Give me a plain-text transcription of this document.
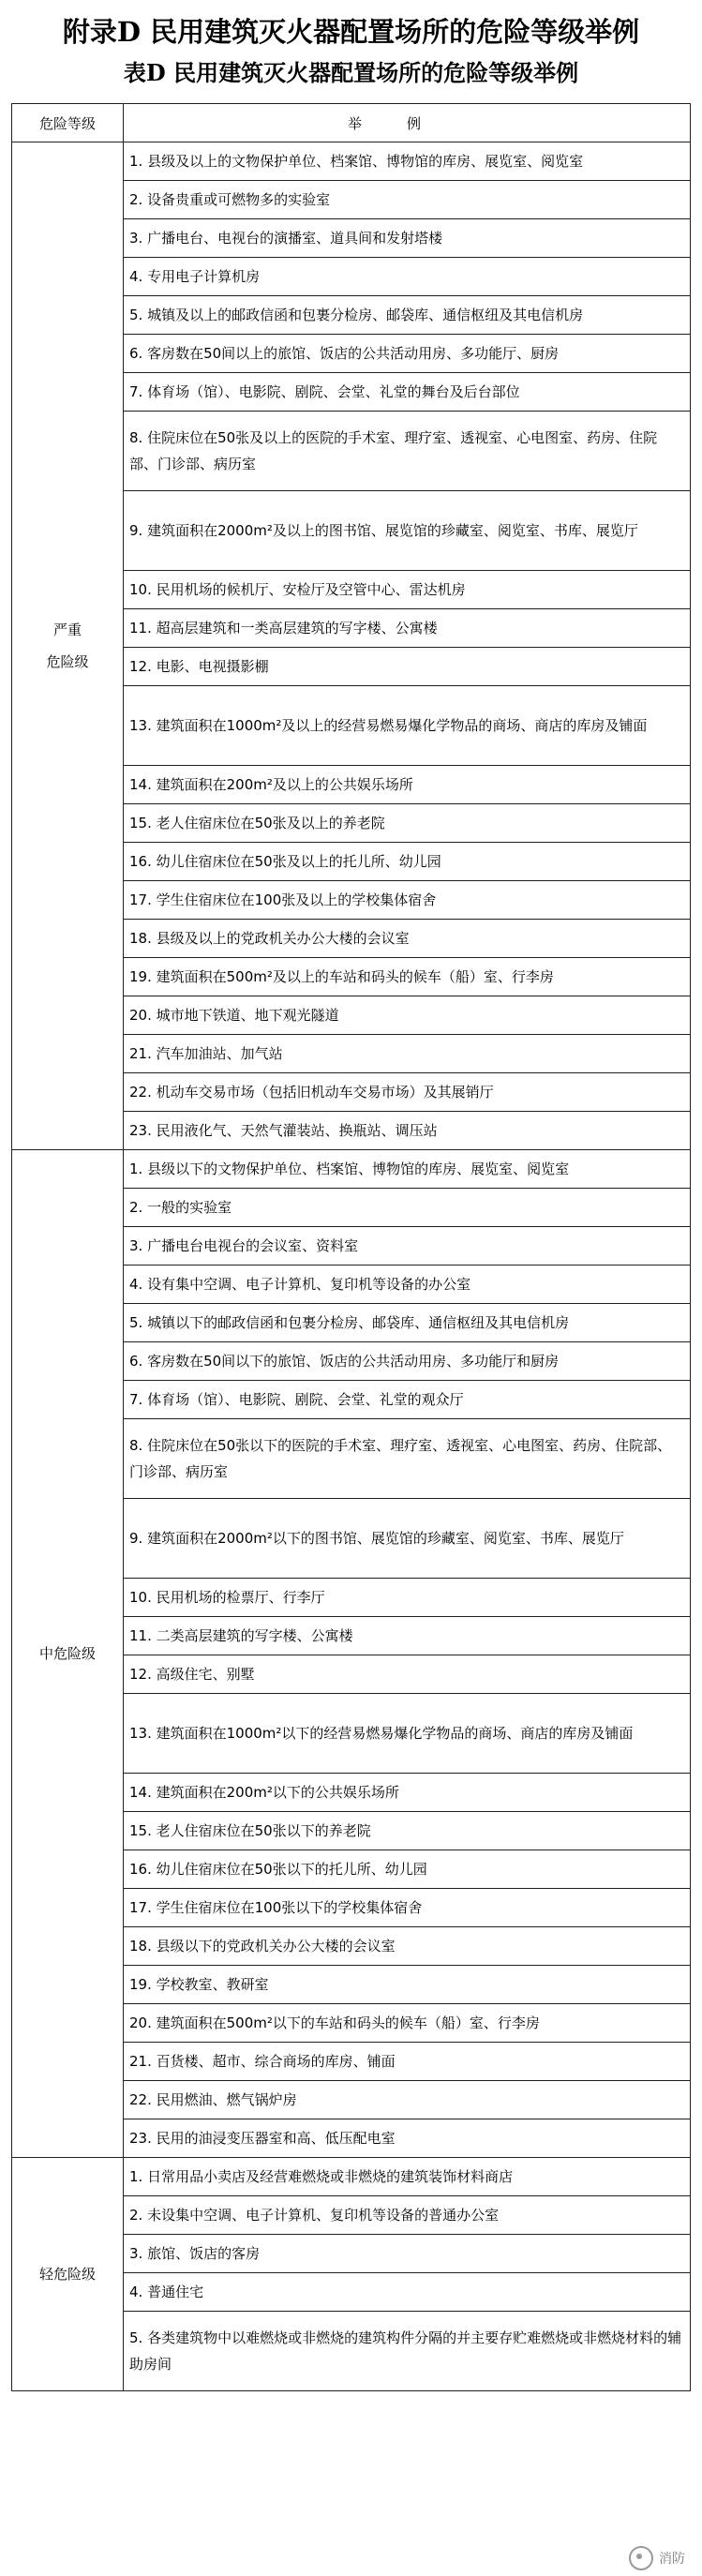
附录D 民用建筑灭火器配置场所的危险等级举例
表D 民用建筑灭火器配置场所的危险等级举例
危险等级	举例

严重
危险级	1. 县级及以上的文物保护单位、档案馆、博物馆的库房、展览室、阅览室
	2. 设备贵重或可燃物多的实验室
	3. 广播电台、电视台的演播室、道具间和发射塔楼
	4. 专用电子计算机房
	5. 城镇及以上的邮政信函和包裹分检房、邮袋库、通信枢纽及其电信机房
	6. 客房数在50间以上的旅馆、饭店的公共活动用房、多功能厅、厨房
	7. 体育场（馆）、电影院、剧院、会堂、礼堂的舞台及后台部位
	8. 住院床位在50张及以上的医院的手术室、理疗室、透视室、心电图室、药房、住院部、门诊部、病历室
	9. 建筑面积在2000m²及以上的图书馆、展览馆的珍藏室、阅览室、书库、展览厅
	10. 民用机场的候机厅、安检厅及空管中心、雷达机房
	11. 超高层建筑和一类高层建筑的写字楼、公寓楼
	12. 电影、电视摄影棚
	13. 建筑面积在1000m²及以上的经营易燃易爆化学物品的商场、商店的库房及铺面
	14. 建筑面积在200m²及以上的公共娱乐场所
	15. 老人住宿床位在50张及以上的养老院
	16. 幼儿住宿床位在50张及以上的托儿所、幼儿园
	17. 学生住宿床位在100张及以上的学校集体宿舍
	18. 县级及以上的党政机关办公大楼的会议室
	19. 建筑面积在500m²及以上的车站和码头的候车（船）室、行李房
	20. 城市地下铁道、地下观光隧道
	21. 汽车加油站、加气站
	22. 机动车交易市场（包括旧机动车交易市场）及其展销厅
	23. 民用液化气、天然气灌装站、换瓶站、调压站

中危险级	1. 县级以下的文物保护单位、档案馆、博物馆的库房、展览室、阅览室
	2. 一般的实验室
	3. 广播电台电视台的会议室、资料室
	4. 设有集中空调、电子计算机、复印机等设备的办公室
	5. 城镇以下的邮政信函和包裹分检房、邮袋库、通信枢纽及其电信机房
	6. 客房数在50间以下的旅馆、饭店的公共活动用房、多功能厅和厨房
	7. 体育场（馆）、电影院、剧院、会堂、礼堂的观众厅
	8. 住院床位在50张以下的医院的手术室、理疗室、透视室、心电图室、药房、住院部、门诊部、病历室
	9. 建筑面积在2000m²以下的图书馆、展览馆的珍藏室、阅览室、书库、展览厅
	10. 民用机场的检票厅、行李厅
	11. 二类高层建筑的写字楼、公寓楼
	12. 高级住宅、别墅
	13. 建筑面积在1000m²以下的经营易燃易爆化学物品的商场、商店的库房及铺面
	14. 建筑面积在200m²以下的公共娱乐场所
	15. 老人住宿床位在50张以下的养老院
	16. 幼儿住宿床位在50张以下的托儿所、幼儿园
	17. 学生住宿床位在100张以下的学校集体宿舍
	18. 县级以下的党政机关办公大楼的会议室
	19. 学校教室、教研室
	20. 建筑面积在500m²以下的车站和码头的候车（船）室、行李房
	21. 百货楼、超市、综合商场的库房、铺面
	22. 民用燃油、燃气锅炉房
	23. 民用的油浸变压器室和高、低压配电室

轻危险级	1. 日常用品小卖店及经营难燃烧或非燃烧的建筑装饰材料商店
	2. 未设集中空调、电子计算机、复印机等设备的普通办公室
	3. 旅馆、饭店的客房
	4. 普通住宅
	5. 各类建筑物中以难燃烧或非燃烧的建筑构件分隔的并主要存贮难燃烧或非燃烧材料的辅助房间
消防
